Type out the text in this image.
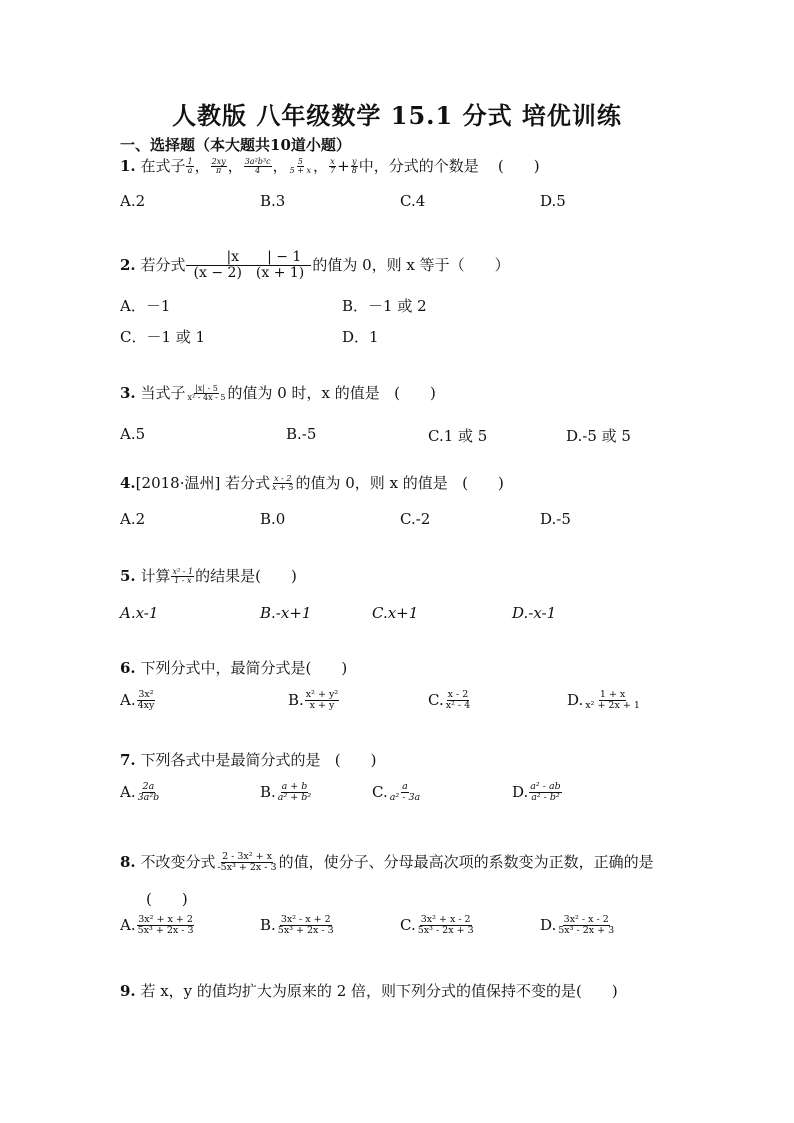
人教版 八年级数学 15.1 分式 培优训练
一、选择题（本大题共10道小题）
1.
在式子 $\frac{1}{a}$ ， $\frac{2xy}{\pi}$ ， $\frac{\text{3a²b³c}}{4}$ ， $\frac{5}{5 + x}$ ， $\frac{x}{7} + \frac{y}{8}$ 中，分式的个数是
(　　)
A.2	B.3	C.4	D.5
2.
若分式 $\frac{|x | - 1}{(x - 2) (x + 1)}$ 的值为 0，则 x 等于（　　）
A．－1	B．－1 或 2
C．－1 或 1	D．1
3.
当式子 $\frac{|x| - 5}{\text{x² - 4x - 5}}$ 的值为 0 时，x 的值是
(　　)
A.5	B.-5	C.1 或 5	D.-5 或 5
4. [2018·温州] 若分式 $\frac{x - 2}{x + 5}$ 的值为 0，则 x 的值是
(　　)
A.2	B.0	C.-2	D.-5
5.
计算 $\frac{\text{x² - 1}}{1 - x}$ 的结果是 (　　)
A.x-1	B.-x+1	C.x+1	D.-x-1
6.
下列分式中，最简分式是 (　　)
A. $\frac{\text{3x²}}{4xy}$	B. $\frac{\text{x² + y²}}{x + y}$	C. $\frac{x - 2}{\text{x² - 4}}$	D. $\frac{1 + x}{\text{x² + 2x + 1}}$
7.
下列各式中是最简分式的是
(　　)
A. $\frac{2a}{\text{3a²b}}$	B. $\frac{a + b}{\text{a² + b²}}$	C. $\frac{a}{\text{a² - 3a}}$	D. $\frac{\text{a² - ab}}{\text{a² - b²}}$
8.
不改变分式 $\frac{\text{2 - 3x² + x}}{\text{-5x³ + 2x - 3}}$ 的值，使分子、分母最高次项的系数变为正数，正确的是
(　　)
A. $\frac{\text{3x² + x + 2}}{\text{5x³ + 2x - 3}}$	B. $\frac{\text{3x² - x + 2}}{\text{5x³ + 2x - 3}}$	C. $\frac{\text{3x² + x - 2}}{\text{5x³ - 2x + 3}}$	D. $\frac{\text{3x² - x - 2}}{\text{5x³ - 2x + 3}}$
9.
若 x，y 的值均扩大为原来的 2 倍，则下列分式的值保持不变的是 (　　)
